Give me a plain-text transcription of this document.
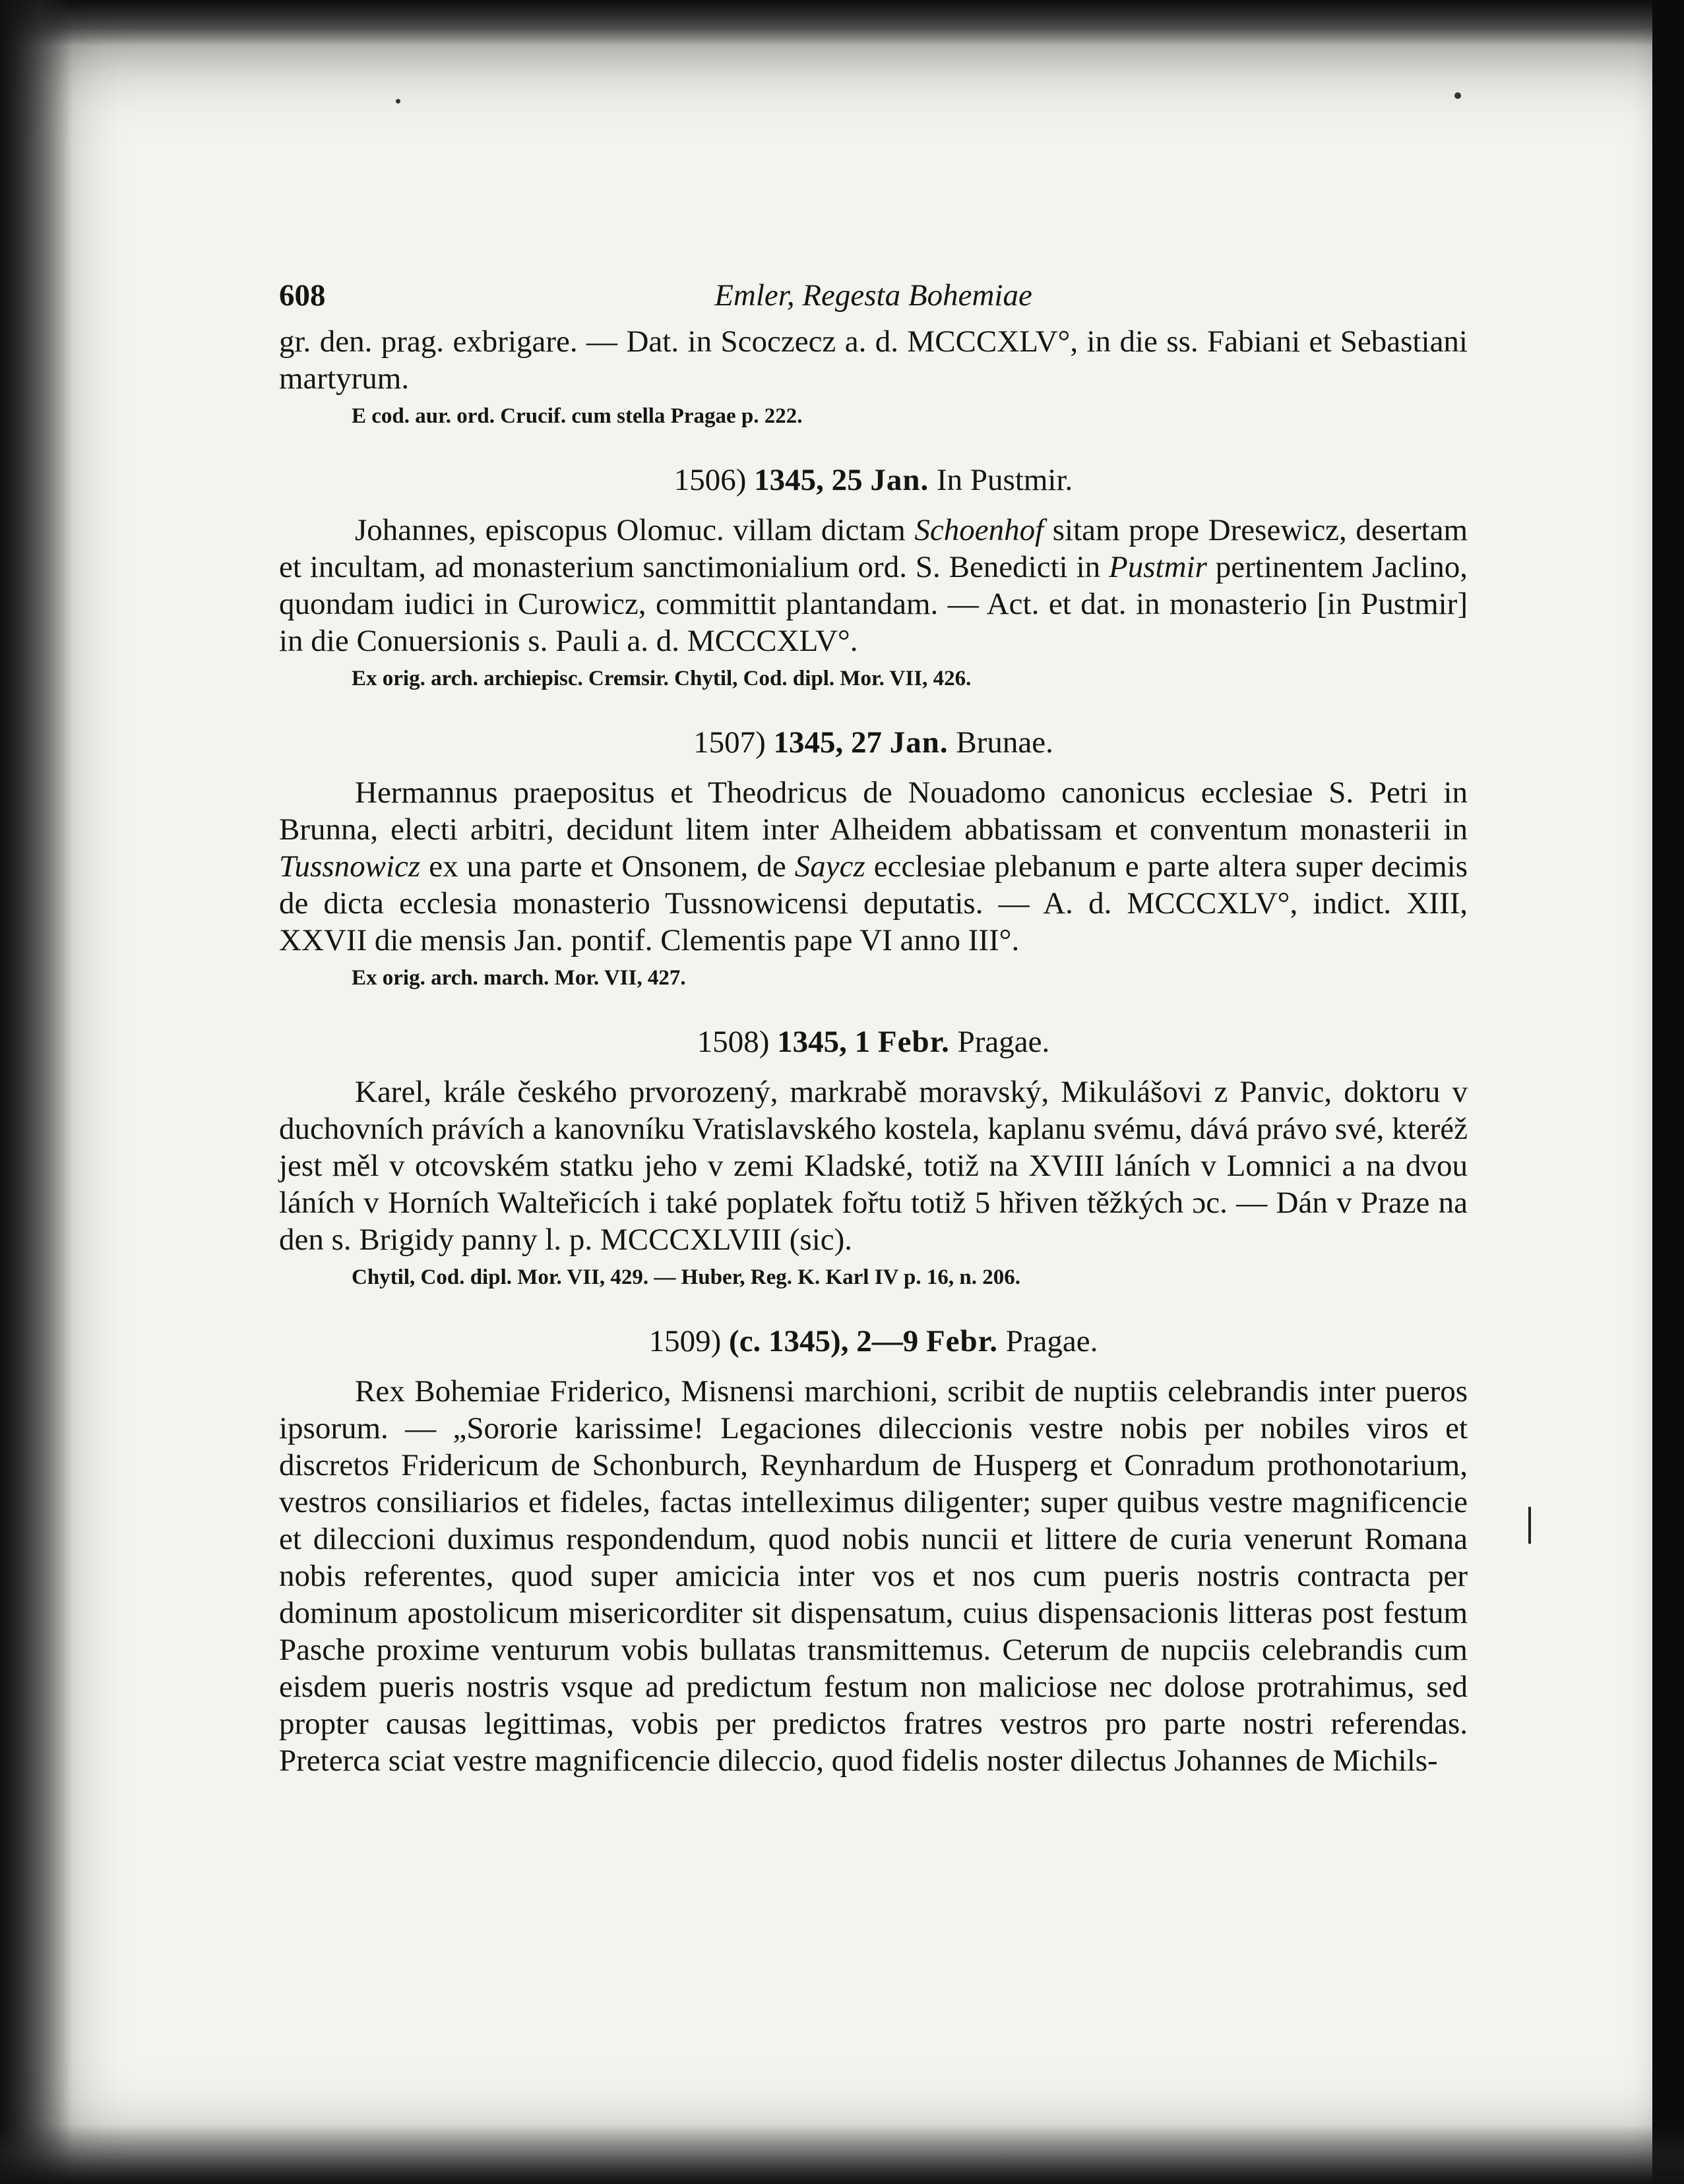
608	Emler, Regesta Bohemiae

gr. den. prag. exbrigare. — Dat. in Scoczecz a. d. MCCCXLV°, in die ss. Fabiani et Sebastiani martyrum.

E cod. aur. ord. Crucif. cum stella Pragae p. 222.

1506) 1345, 25 Jan. In Pustmir.

Johannes, episcopus Olomuc. villam dictam Schoenhof sitam prope Dresewicz, desertam et incultam, ad monasterium sanctimonialium ord. S. Benedicti in Pustmir pertinentem Jaclino, quondam iudici in Curowicz, committit plantandam. — Act. et dat. in monasterio [in Pustmir] in die Conuersionis s. Pauli a. d. MCCCXLV°.

Ex orig. arch. archiepisc. Cremsir. Chytil, Cod. dipl. Mor. VII, 426.

1507) 1345, 27 Jan. Brunae.

Hermannus praepositus et Theodricus de Nouadomo canonicus ecclesiae S. Petri in Brunna, electi arbitri, decidunt litem inter Alheidem abbatissam et conventum monasterii in Tussnowicz ex una parte et Onsonem, de Saycz ecclesiae plebanum e parte altera super decimis de dicta ecclesia monasterio Tussnowicensi deputatis. — A. d. MCCCXLV°, indict. XIII, XXVII die mensis Jan. pontif. Clementis pape VI anno III°.

Ex orig. arch. march. Mor. VII, 427.

1508) 1345, 1 Febr. Pragae.

Karel, krále českého prvorozený, markrabě moravský, Mikulášovi z Panvic, doktoru v duchovních právích a kanovníku Vratislavského kostela, kaplanu svému, dává právo své, kteréž jest měl v otcovském statku jeho v zemi Kladské, totiž na XVIII láních v Lomnici a na dvou láních v Horních Walteřicích i také poplatek fořtu totiž 5 hřiven těžkých ɔc. — Dán v Praze na den s. Brigidy panny l. p. MCCCXLVIII (sic).

Chytil, Cod. dipl. Mor. VII, 429. — Huber, Reg. K. Karl IV p. 16, n. 206.

1509) (c. 1345), 2—9 Febr. Pragae.

Rex Bohemiae Friderico, Misnensi marchioni, scribit de nuptiis celebrandis inter pueros ipsorum. — „Sororie karissime! Legaciones dileccionis vestre nobis per nobiles viros et discretos Fridericum de Schonburch, Reynhardum de Husperg et Conradum prothonotarium, vestros consiliarios et fideles, factas intelleximus diligenter; super quibus vestre magnificencie et dileccioni duximus respondendum, quod nobis nuncii et littere de curia venerunt Romana nobis referentes, quod super amicicia inter vos et nos cum pueris nostris contracta per dominum apostolicum misericorditer sit dispensatum, cuius dispensacionis litteras post festum Pasche proxime venturum vobis bullatas transmittemus. Ceterum de nupciis celebrandis cum eisdem pueris nostris vsque ad predictum festum non maliciose nec dolose protrahimus, sed propter causas legittimas, vobis per predictos fratres vestros pro parte nostri referendas. Preterca sciat vestre magnificencie dileccio, quod fidelis noster dilectus Johannes de Michils-
